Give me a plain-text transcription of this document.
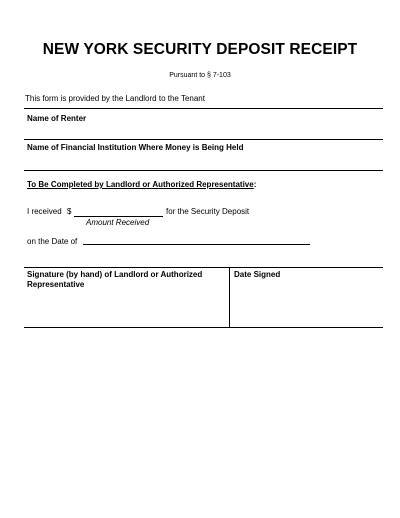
NEW YORK SECURITY DEPOSIT RECEIPT
Pursuant to § 7-103
This form is provided by the Landlord to the Tenant
Name of Renter
Name of Financial Institution Where Money is Being Held
To Be Completed by Landlord or Authorized Representative:
I received $	for the Security Deposit
Amount Received
on the Date of
Signature (by hand) of Landlord or Authorized Representative
Date Signed
